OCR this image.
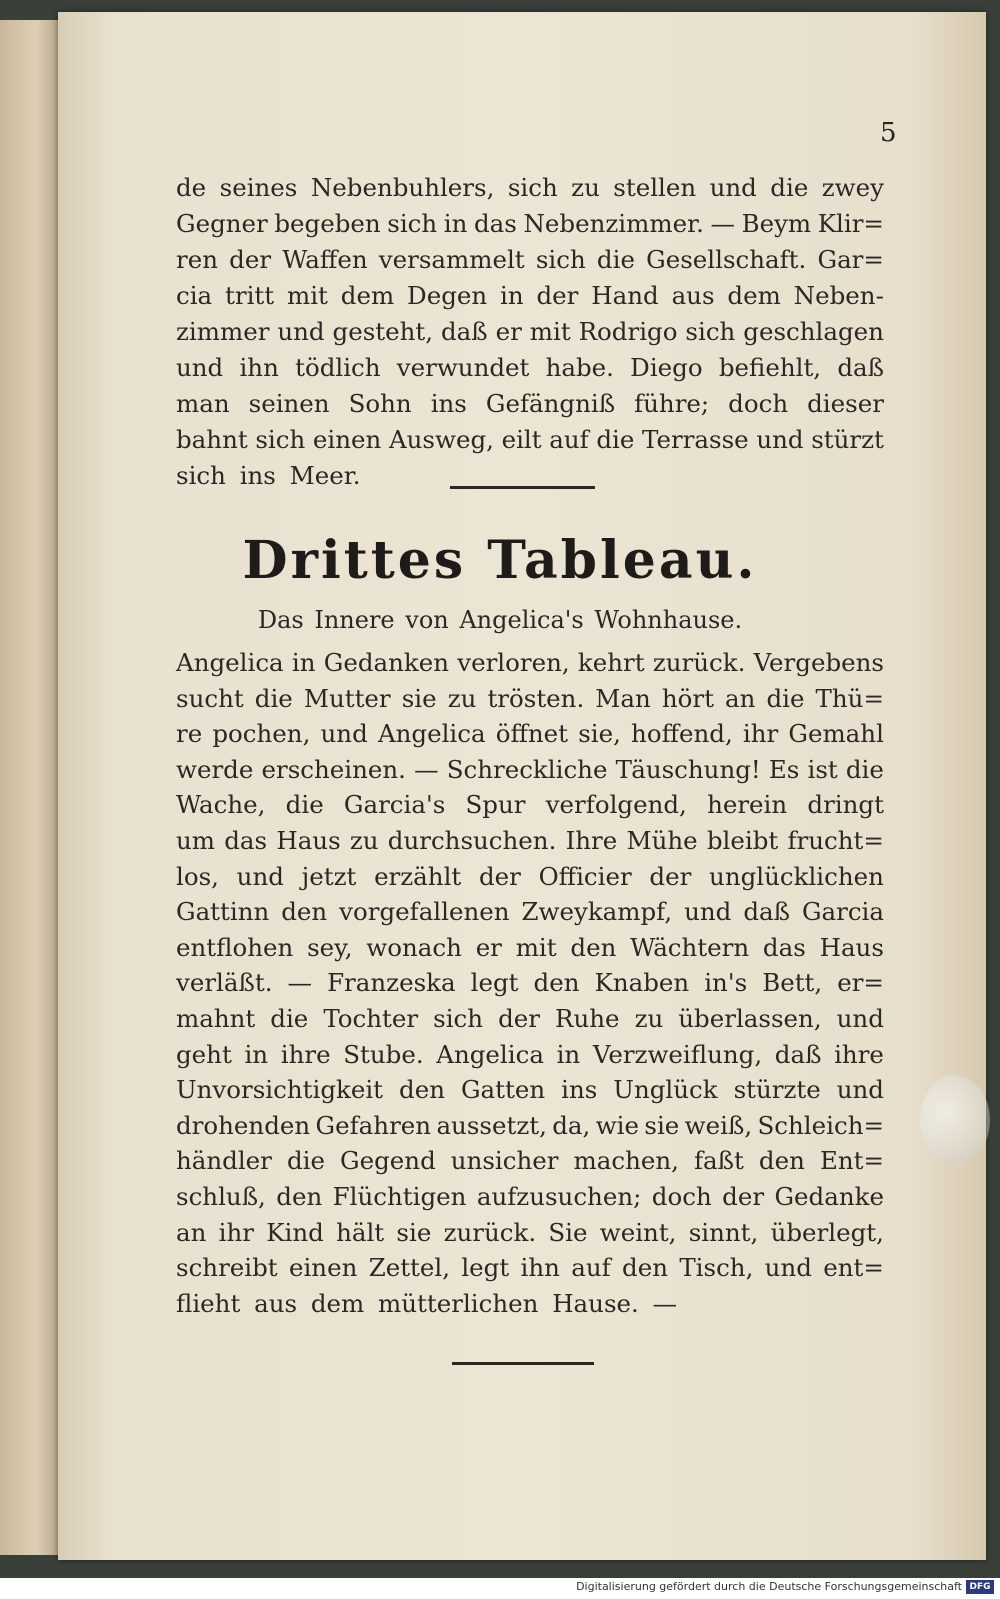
5
de seines Nebenbuhlers, sich zu stellen und die zwey
Gegner begeben sich in das Nebenzimmer. — Beym Klir=
ren der Waffen versammelt sich die Gesellschaft. Gar=
cia tritt mit dem Degen in der Hand aus dem Neben-
zimmer und gesteht, daß er mit Rodrigo sich geschlagen
und ihn tödlich verwundet habe. Diego befiehlt, daß
man seinen Sohn ins Gefängniß führe; doch dieser
bahnt sich einen Ausweg, eilt auf die Terrasse und stürzt
sich ins Meer.
Drittes Tableau.
Das Innere von Angelica's Wohnhause.
Angelica in Gedanken verloren, kehrt zurück. Vergebens
sucht die Mutter sie zu trösten. Man hört an die Thü=
re pochen, und Angelica öffnet sie, hoffend, ihr Gemahl
werde erscheinen. — Schreckliche Täuschung! Es ist die
Wache, die Garcia's Spur verfolgend, herein dringt
um das Haus zu durchsuchen. Ihre Mühe bleibt frucht=
los, und jetzt erzählt der Officier der unglücklichen
Gattinn den vorgefallenen Zweykampf, und daß Garcia
entflohen sey, wonach er mit den Wächtern das Haus
verläßt. — Franzeska legt den Knaben in's Bett, er=
mahnt die Tochter sich der Ruhe zu überlassen, und
geht in ihre Stube. Angelica in Verzweiflung, daß ihre
Unvorsichtigkeit den Gatten ins Unglück stürzte und
drohenden Gefahren aussetzt, da, wie sie weiß, Schleich=
händler die Gegend unsicher machen, faßt den Ent=
schluß, den Flüchtigen aufzusuchen; doch der Gedanke
an ihr Kind hält sie zurück. Sie weint, sinnt, überlegt,
schreibt einen Zettel, legt ihn auf den Tisch, und ent=
flieht aus dem mütterlichen Hause. —
Digitalisierung gefördert durch die Deutsche Forschungsgemeinschaft DFG
